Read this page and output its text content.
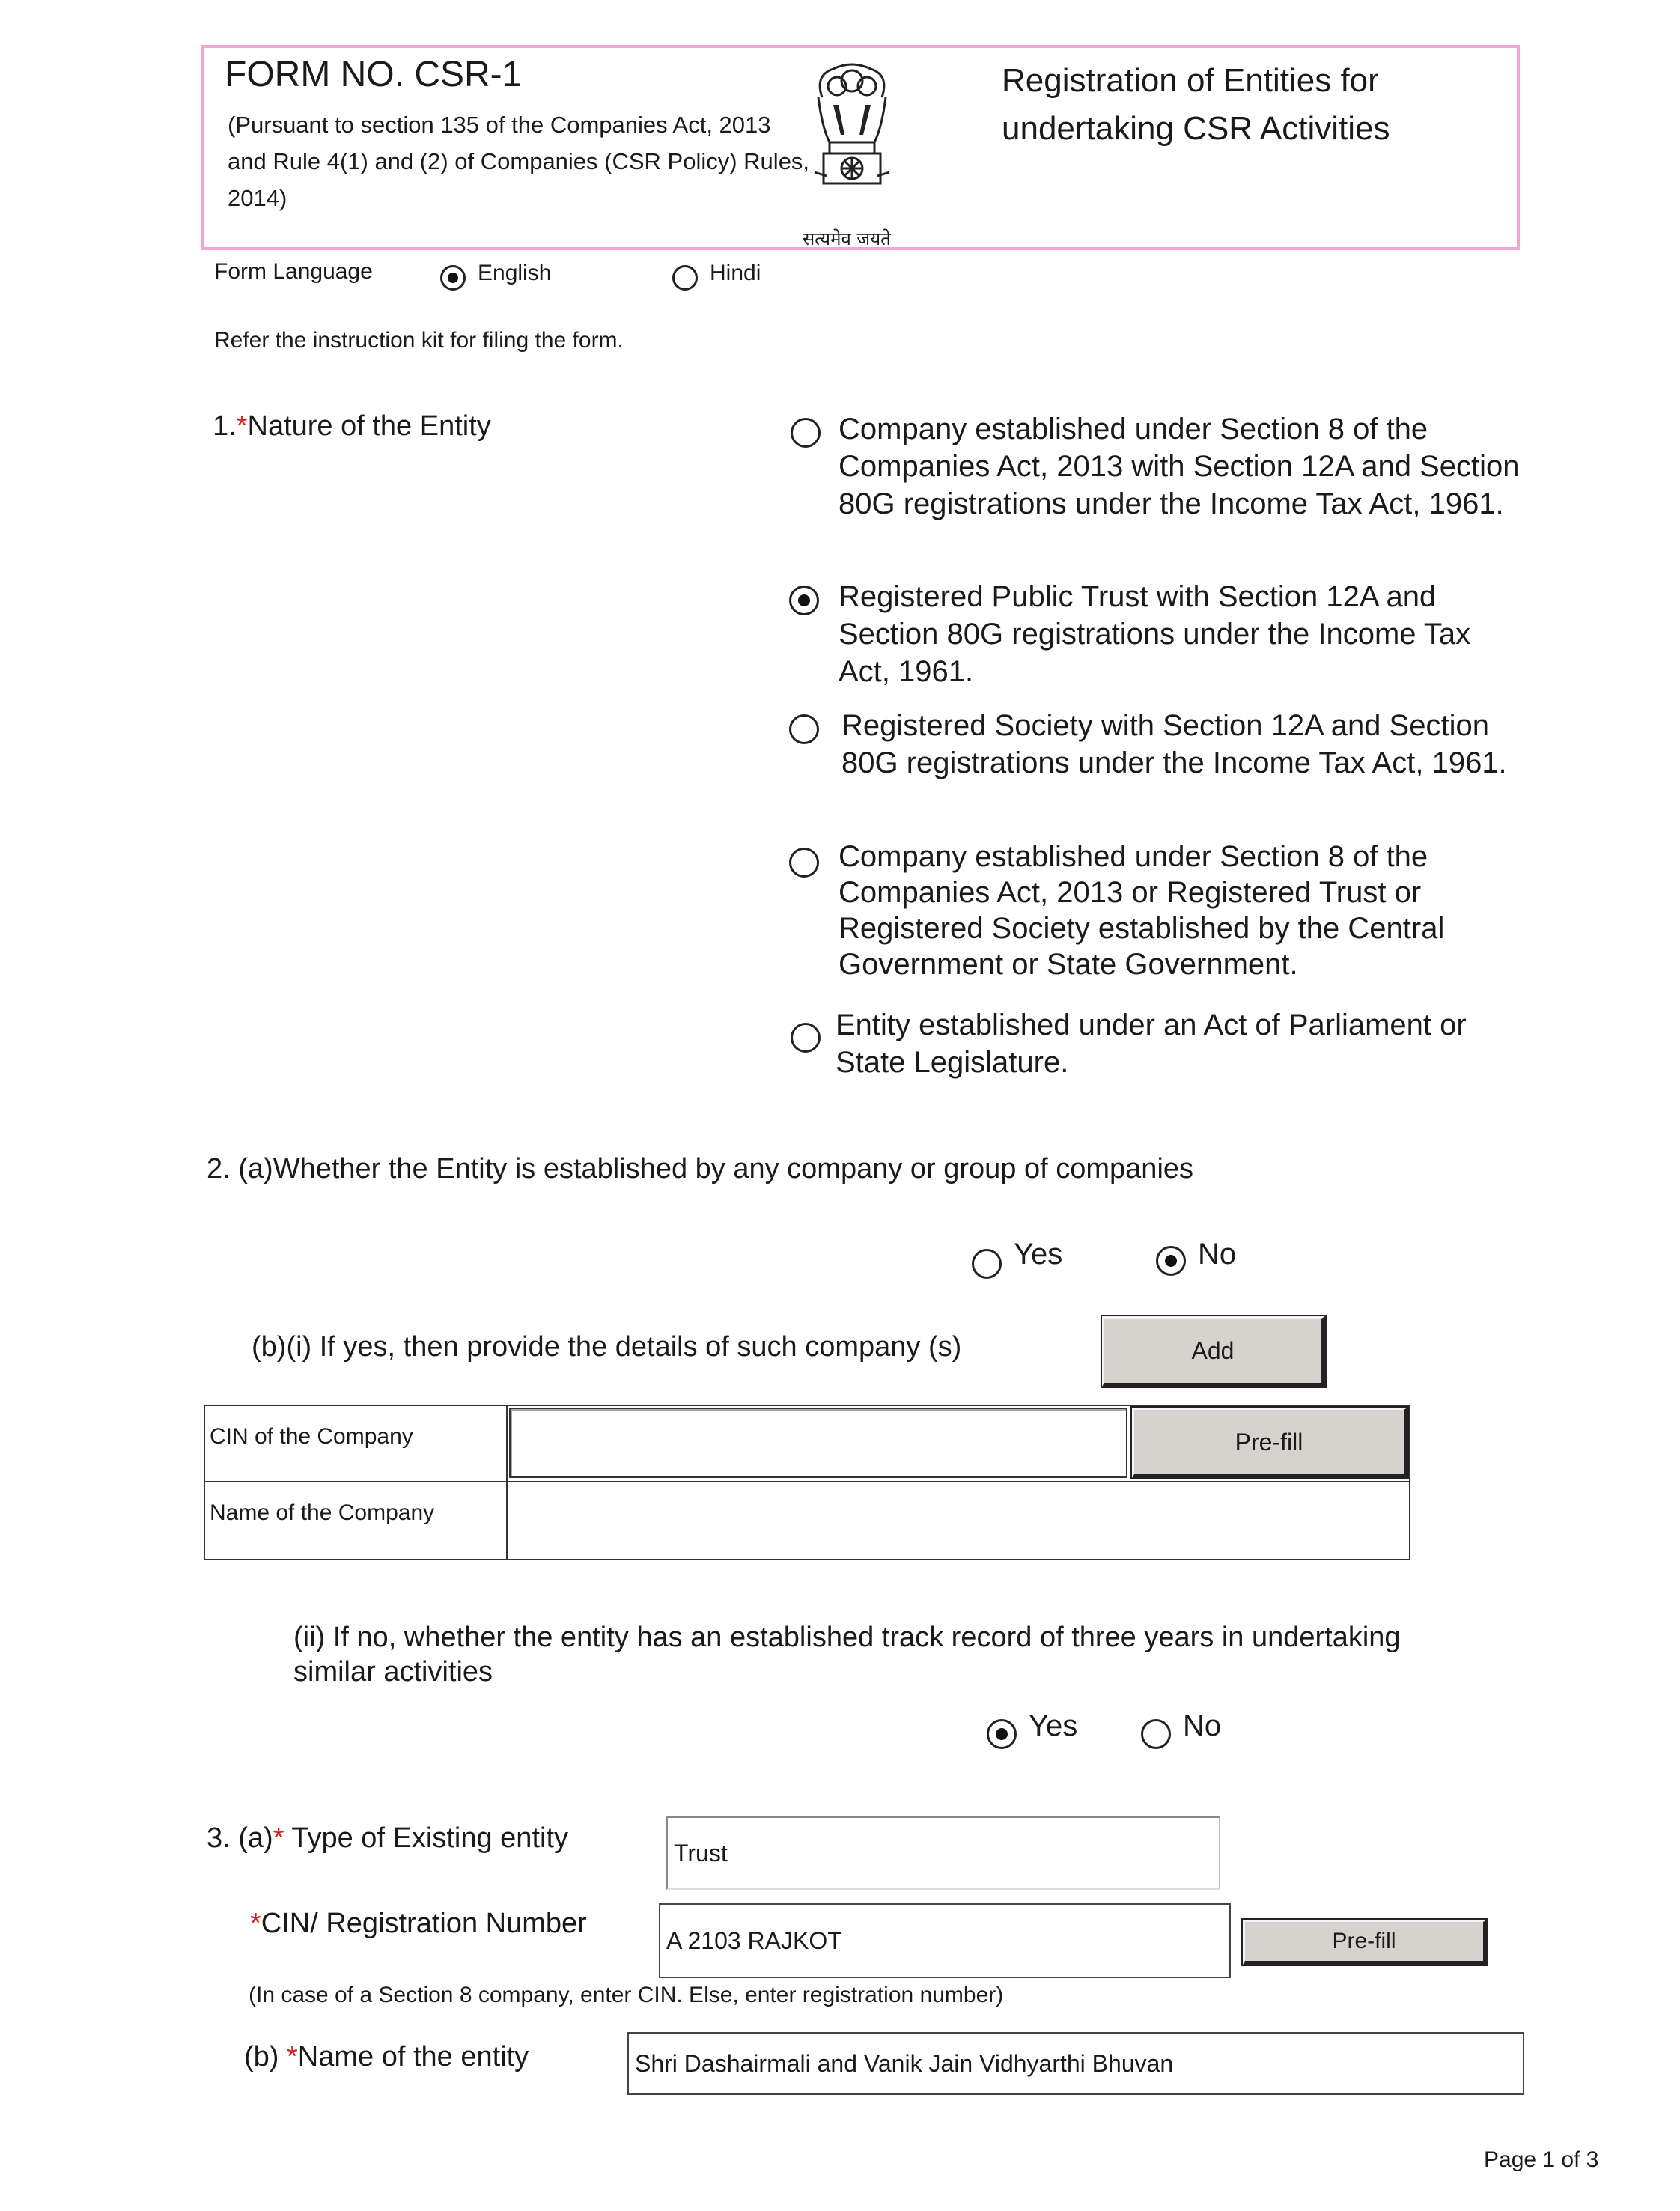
FORM NO. CSR-1
(Pursuant to section 135 of the Companies Act, 2013 and Rule 4(1) and (2) of Companies (CSR Policy) Rules, 2014)
Registration of Entities for undertaking CSR Activities
सत्यमेव जयते
Form Language	English	Hindi
Refer the instruction kit for filing the form.
1.*Nature of the Entity	Company established under Section 8 of the Companies Act, 2013 with Section 12A and Section 80G registrations under the Income Tax Act, 1961.
Registered Public Trust with Section 12A and Section 80G registrations under the Income Tax Act, 1961.
Registered Society with Section 12A and Section 80G registrations under the Income Tax Act, 1961.
Company established under Section 8 of the Companies Act, 2013 or Registered Trust or Registered Society established by the Central Government or State Government.
Entity established under an Act of Parliament or State Legislature.
2. (a)Whether the Entity is established by any company or group of companies
Yes	No
(b)(i) If yes, then provide the details of such company (s)	Add
CIN of the Company	Pre-fill
Name of the Company
(ii) If no, whether the entity has an established track record of three years in undertaking similar activities
Yes	No
3. (a)* Type of Existing entity	Trust
*CIN/ Registration Number
A 2103 RAJKOT	Pre-fill
(In case of a Section 8 company, enter CIN. Else, enter registration number)
(b) *Name of the entity	Shri Dashairmali and Vanik Jain Vidhyarthi Bhuvan
Page 1 of 3
